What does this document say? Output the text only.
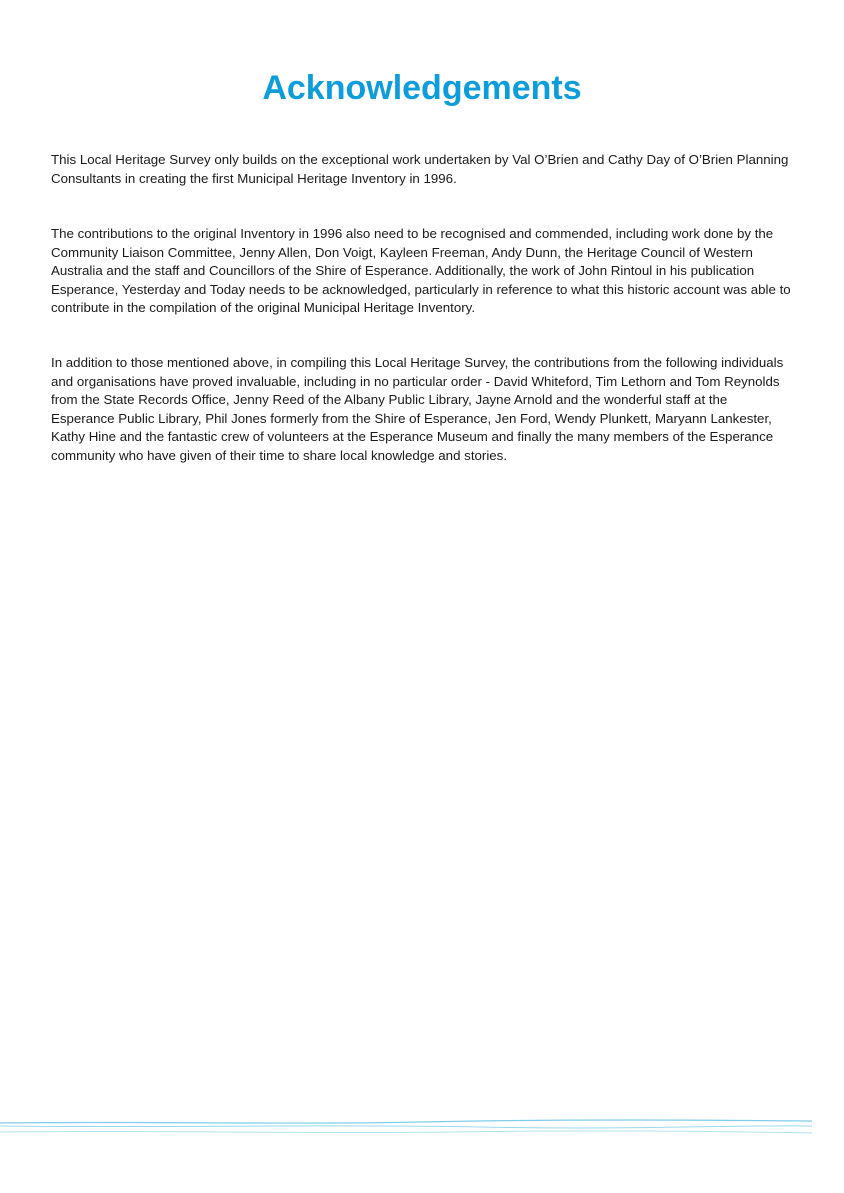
Acknowledgements

This Local Heritage Survey only builds on the exceptional work undertaken by Val O’Brien and Cathy Day of O’Brien Planning Consultants in creating the first Municipal Heritage Inventory in 1996.

The contributions to the original Inventory in 1996 also need to be recognised and commended, including work done by the Community Liaison Committee, Jenny Allen, Don Voigt, Kayleen Freeman, Andy Dunn, the Heritage Council of Western Australia and the staff and Councillors of the Shire of Esperance. Additionally, the work of John Rintoul in his publication Esperance, Yesterday and Today needs to be acknowledged, particularly in reference to what this historic account was able to contribute in the compilation of the original Municipal Heritage Inventory.

In addition to those mentioned above, in compiling this Local Heritage Survey, the contributions from the following individuals and organisations have proved invaluable, including in no particular order - David Whiteford, Tim Lethorn and Tom Reynolds from the State Records Office, Jenny Reed of the Albany Public Library, Jayne Arnold and the wonderful staff at the Esperance Public Library, Phil Jones formerly from the Shire of Esperance, Jen Ford, Wendy Plunkett, Maryann Lankester, Kathy Hine and the fantastic crew of volunteers at the Esperance Museum and finally the many members of the Esperance community who have given of their time to share local knowledge and stories.
